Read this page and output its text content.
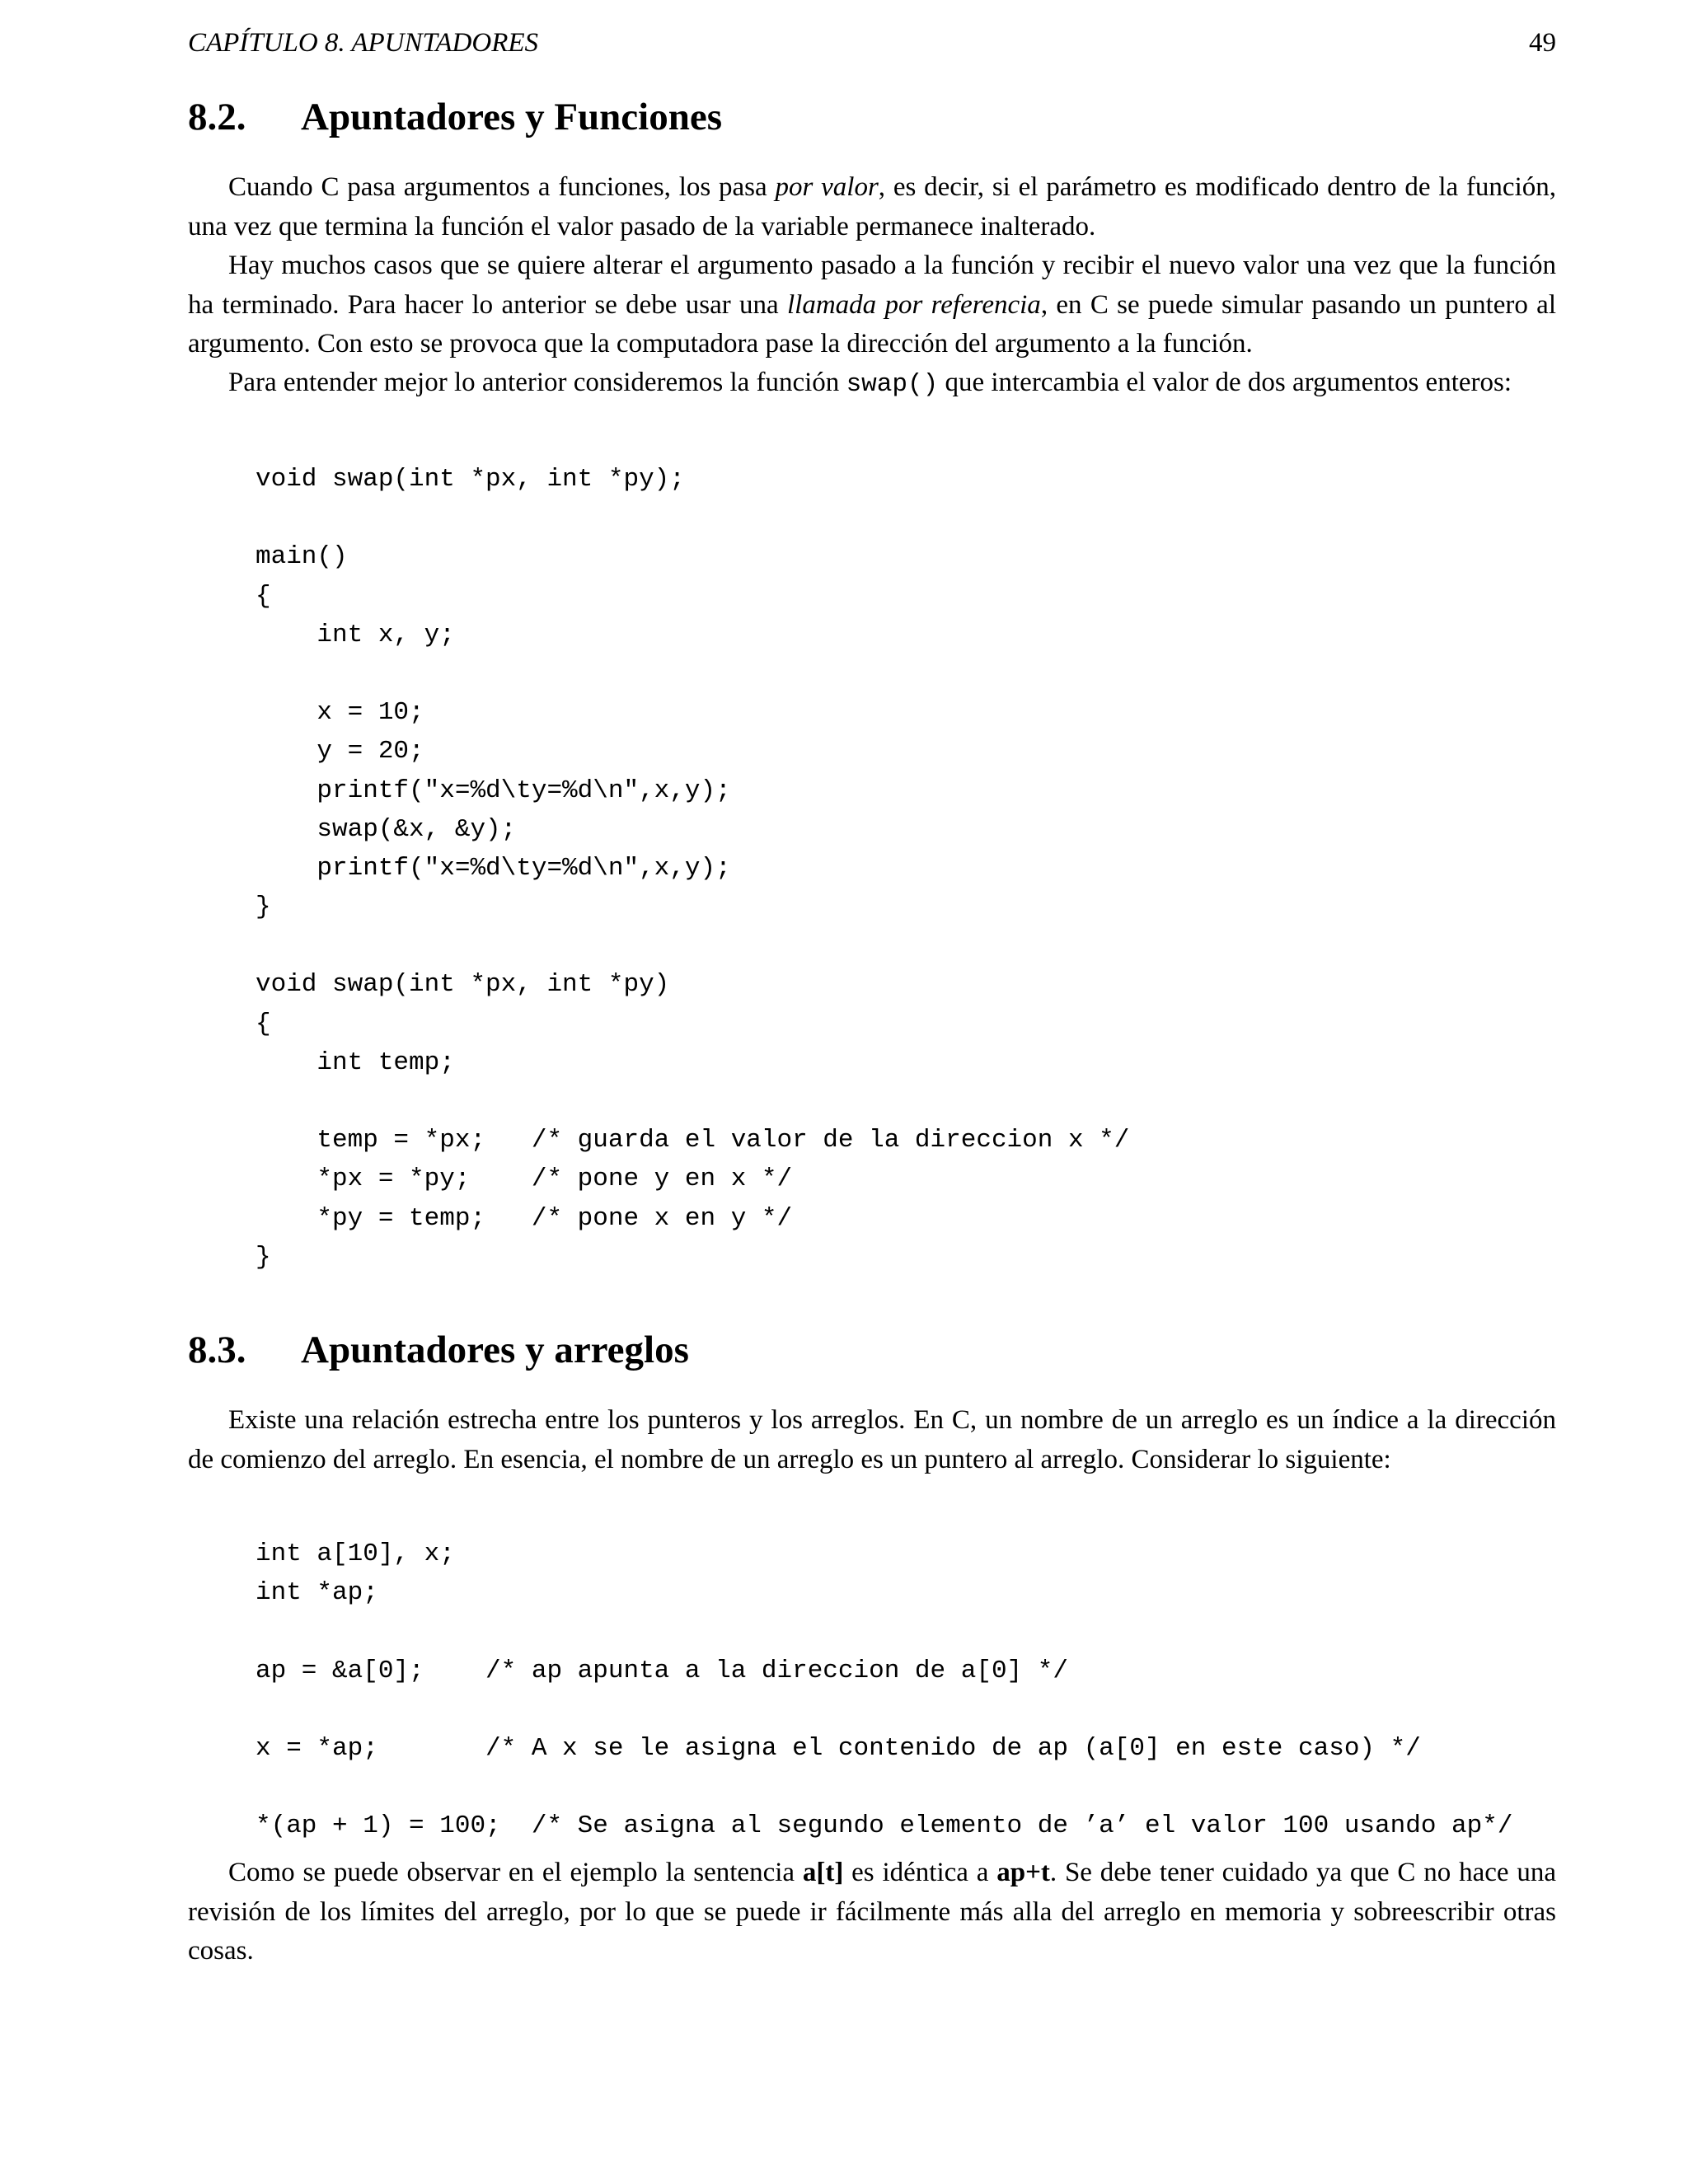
CAPÍTULO 8. APUNTADORES	49
8.2. Apuntadores y Funciones

Cuando C pasa argumentos a funciones, los pasa por valor, es decir, si el parámetro es modificado dentro de la función, una vez que termina la función el valor pasado de la variable permanece inalterado.

Hay muchos casos que se quiere alterar el argumento pasado a la función y recibir el nuevo valor una vez que la función ha terminado. Para hacer lo anterior se debe usar una llamada por referencia, en C se puede simular pasando un puntero al argumento. Con esto se provoca que la computadora pase la dirección del argumento a la función.

Para entender mejor lo anterior consideremos la función swap() que intercambia el valor de dos argumentos enteros:

void swap(int *px, int *py);
main()
{
int x, y;
x = 10;
y = 20;
printf("x=%d\ty=%d\n",x,y);
swap(&x, &y);
printf("x=%d\ty=%d\n",x,y);
}
void swap(int *px, int *py)
{
int temp;
temp = *px;   /* guarda el valor de la direccion x */
*px = *py;    /* pone y en x */
*py = temp;   /* pone x en y */
}
8.3. Apuntadores y arreglos

Existe una relación estrecha entre los punteros y los arreglos. En C, un nombre de un arreglo es un índice a la dirección de comienzo del arreglo. En esencia, el nombre de un arreglo es un puntero al arreglo. Considerar lo siguiente:

int a[10], x;
int *ap;
ap = &a[0];    /* ap apunta a la direccion de a[0] */
x = *ap;       /* A x se le asigna el contenido de ap (a[0] en este caso) */
*(ap + 1) = 100;  /* Se asigna al segundo elemento de ’a’ el valor 100 usando ap*/

Como se puede observar en el ejemplo la sentencia a[t] es idéntica a ap+t. Se debe tener cuidado ya que C no hace una revisión de los límites del arreglo, por lo que se puede ir fácilmente más alla del arreglo en memoria y sobreescribir otras cosas.
